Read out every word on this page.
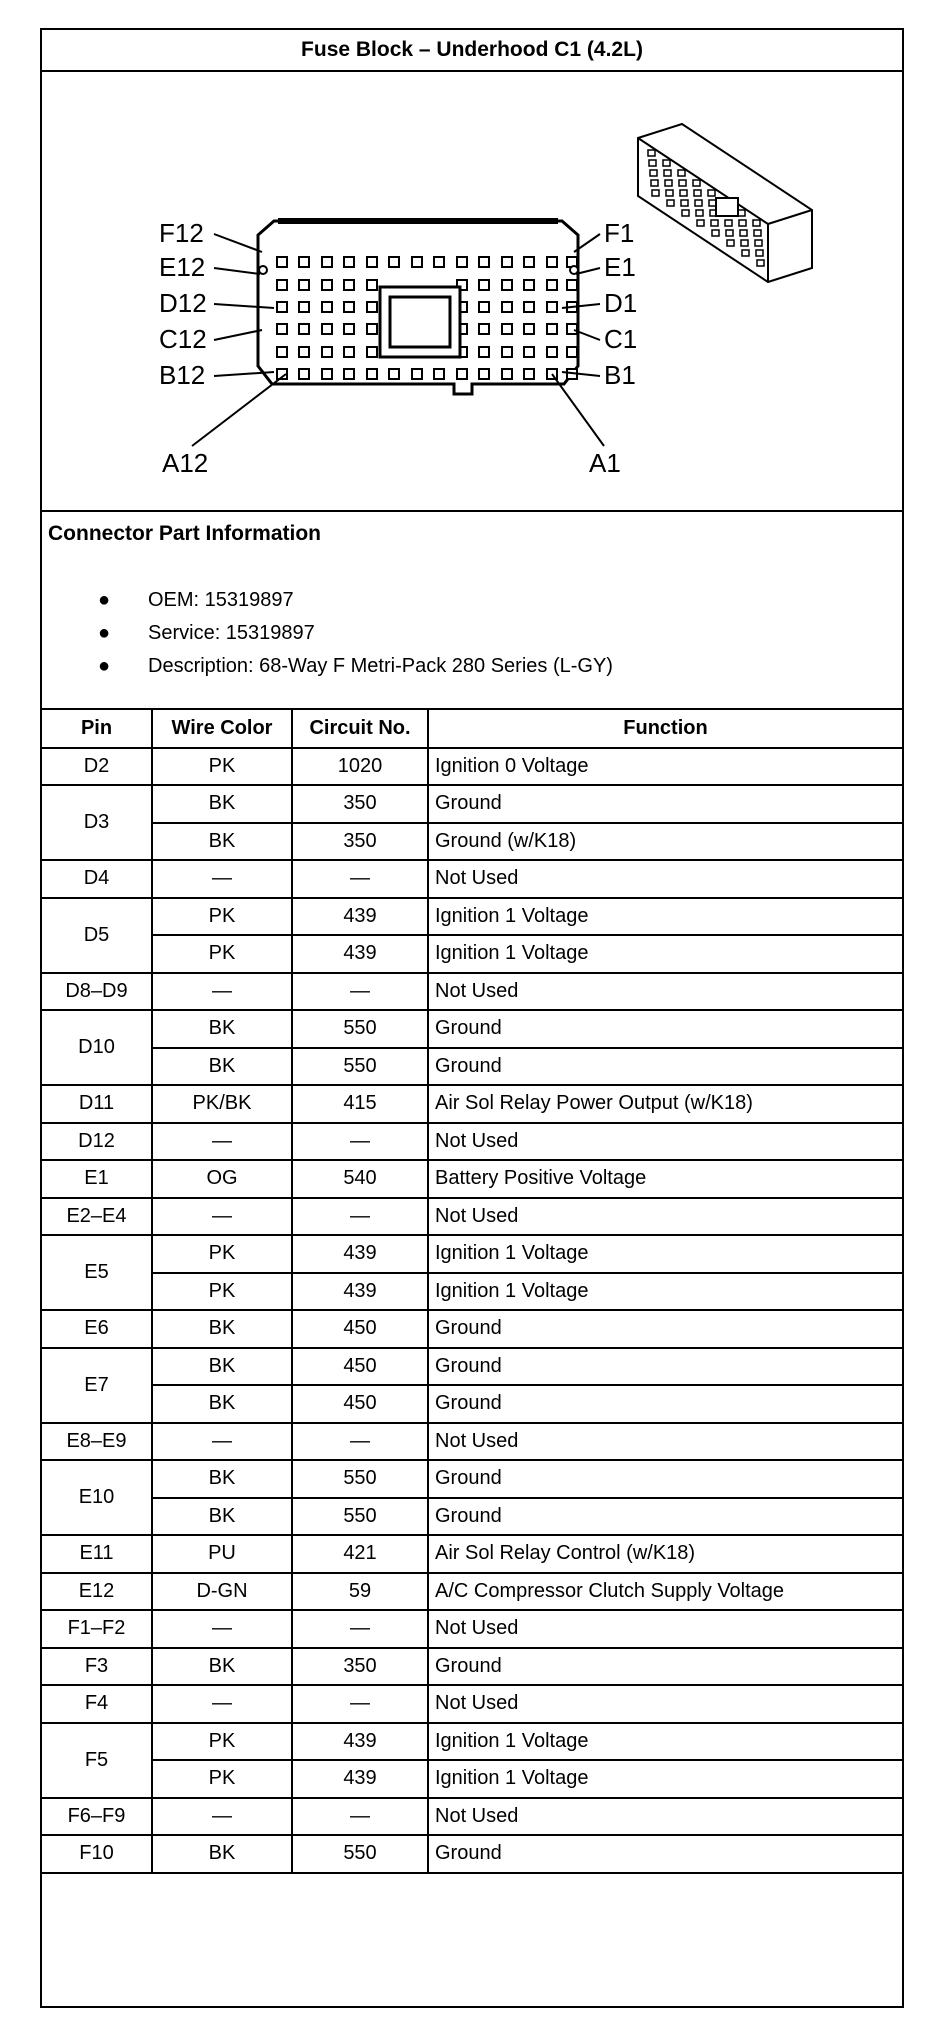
Fuse Block – Underhood C1 (4.2L)
F12
E12
D12
C12
B12
A12
F1
E1
D1
C1
B1
A1
Connector Part Information
● OEM: 15319897
● Service: 15319897
● Description: 68-Way F Metri-Pack 280 Series (L-GY)
Pin	Wire Color	Circuit No.	Function
D2	PK	1020	Ignition 0 Voltage
D3	BK	350	Ground
	BK	350	Ground (w/K18)
D4	—	—	Not Used
D5	PK	439	Ignition 1 Voltage
	PK	439	Ignition 1 Voltage
D8–D9	—	—	Not Used
D10	BK	550	Ground
	BK	550	Ground
D11	PK/BK	415	Air Sol Relay Power Output (w/K18)
D12	—	—	Not Used
E1	OG	540	Battery Positive Voltage
E2–E4	—	—	Not Used
E5	PK	439	Ignition 1 Voltage
	PK	439	Ignition 1 Voltage
E6	BK	450	Ground
E7	BK	450	Ground
	BK	450	Ground
E8–E9	—	—	Not Used
E10	BK	550	Ground
	BK	550	Ground
E11	PU	421	Air Sol Relay Control (w/K18)
E12	D-GN	59	A/C Compressor Clutch Supply Voltage
F1–F2	—	—	Not Used
F3	BK	350	Ground
F4	—	—	Not Used
F5	PK	439	Ignition 1 Voltage
	PK	439	Ignition 1 Voltage
F6–F9	—	—	Not Used
F10	BK	550	Ground
